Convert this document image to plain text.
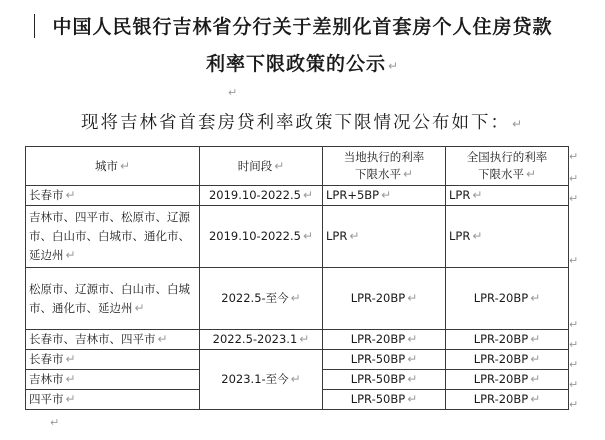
中国人民银行吉林省分行关于差别化首套房个人住房贷款
利率下限政策的公示 ↵
↵
现将吉林省首套房贷利率政策下限情况公布如下： ↵
城市 ↵	时间段 ↵	当地执行的利率
下限水平 ↵	全国执行的利率
下限水平 ↵
长春市 ↵	2019.10-2022.5 ↵	LPR+5BP ↵	LPR ↵
吉林市、四平市、松原市、辽源市、白山市、白城市、通化市、延边州 ↵	2019.10-2022.5 ↵	LPR ↵	LPR ↵
松原市、辽源市、白山市、白城市、通化市、延边州 ↵	2022.5-至今 ↵	LPR-20BP ↵	LPR-20BP ↵
长春市、吉林市、四平市 ↵	2022.5-2023.1 ↵	LPR-20BP ↵	LPR-20BP ↵
长春市 ↵	2023.1-至今 ↵	LPR-50BP ↵	LPR-20BP ↵
吉林市 ↵		LPR-50BP ↵	LPR-20BP ↵
四平市 ↵		LPR-50BP ↵	LPR-20BP ↵
↵
↵
↵
↵
↵
↵
↵
↵
↵
↵
